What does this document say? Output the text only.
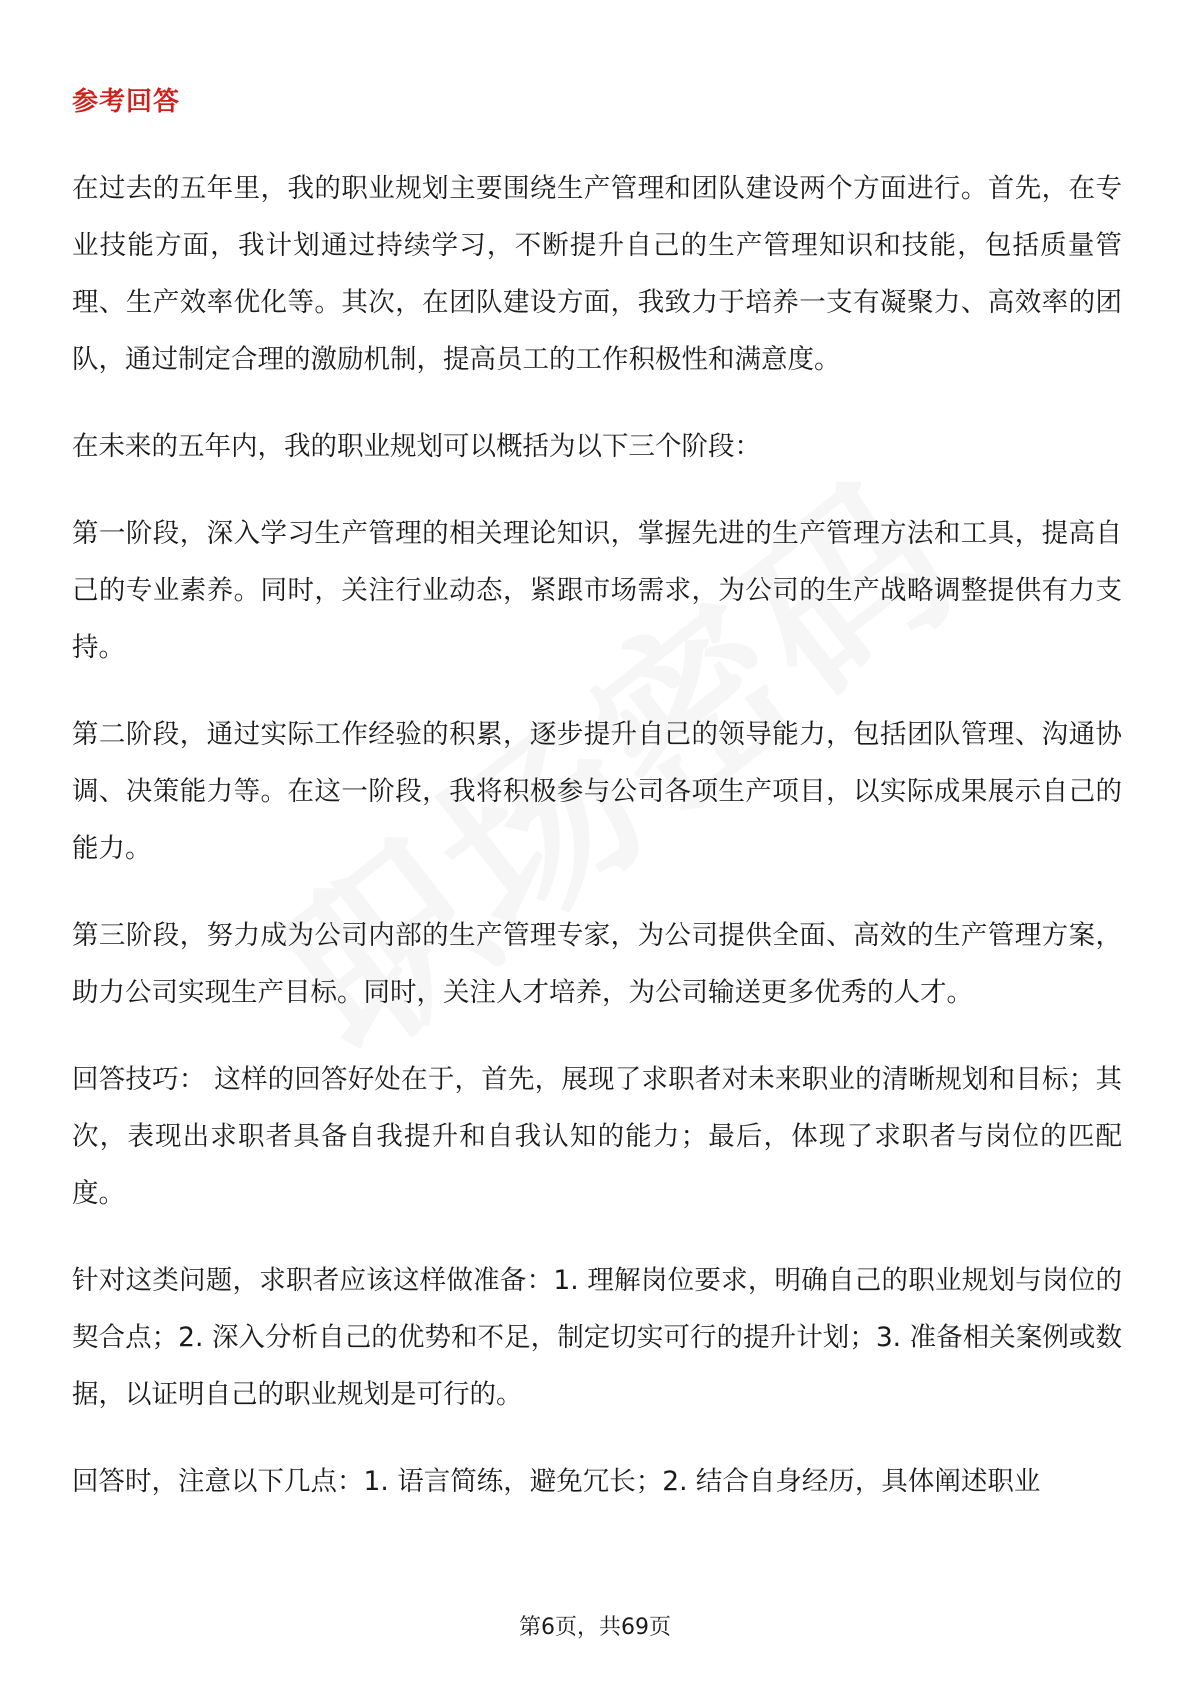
参考回答

在过去的五年里，我的职业规划主要围绕生产管理和团队建设两个方面进行。首先，在专业技能方面，我计划通过持续学习，不断提升自己的生产管理知识和技能，包括质量管理、生产效率优化等。其次，在团队建设方面，我致力于培养一支有凝聚力、高效率的团队，通过制定合理的激励机制，提高员工的工作积极性和满意度。

在未来的五年内，我的职业规划可以概括为以下三个阶段：

第一阶段，深入学习生产管理的相关理论知识，掌握先进的生产管理方法和工具，提高自己的专业素养。同时，关注行业动态，紧跟市场需求，为公司的生产战略调整提供有力支持。

第二阶段，通过实际工作经验的积累，逐步提升自己的领导能力，包括团队管理、沟通协调、决策能力等。在这一阶段，我将积极参与公司各项生产项目，以实际成果展示自己的能力。

第三阶段，努力成为公司内部的生产管理专家，为公司提供全面、高效的生产管理方案，助力公司实现生产目标。同时，关注人才培养，为公司输送更多优秀的人才。

回答技巧： 这样的回答好处在于，首先，展现了求职者对未来职业的清晰规划和目标；其次，表现出求职者具备自我提升和自我认知的能力；最后，体现了求职者与岗位的匹配度。

针对这类问题，求职者应该这样做准备：1. 理解岗位要求，明确自己的职业规划与岗位的契合点；2. 深入分析自己的优势和不足，制定切实可行的提升计划；3. 准备相关案例或数据，以证明自己的职业规划是可行的。

回答时，注意以下几点：1. 语言简练，避免冗长；2. 结合自身经历，具体阐述职业

第6页，共69页
